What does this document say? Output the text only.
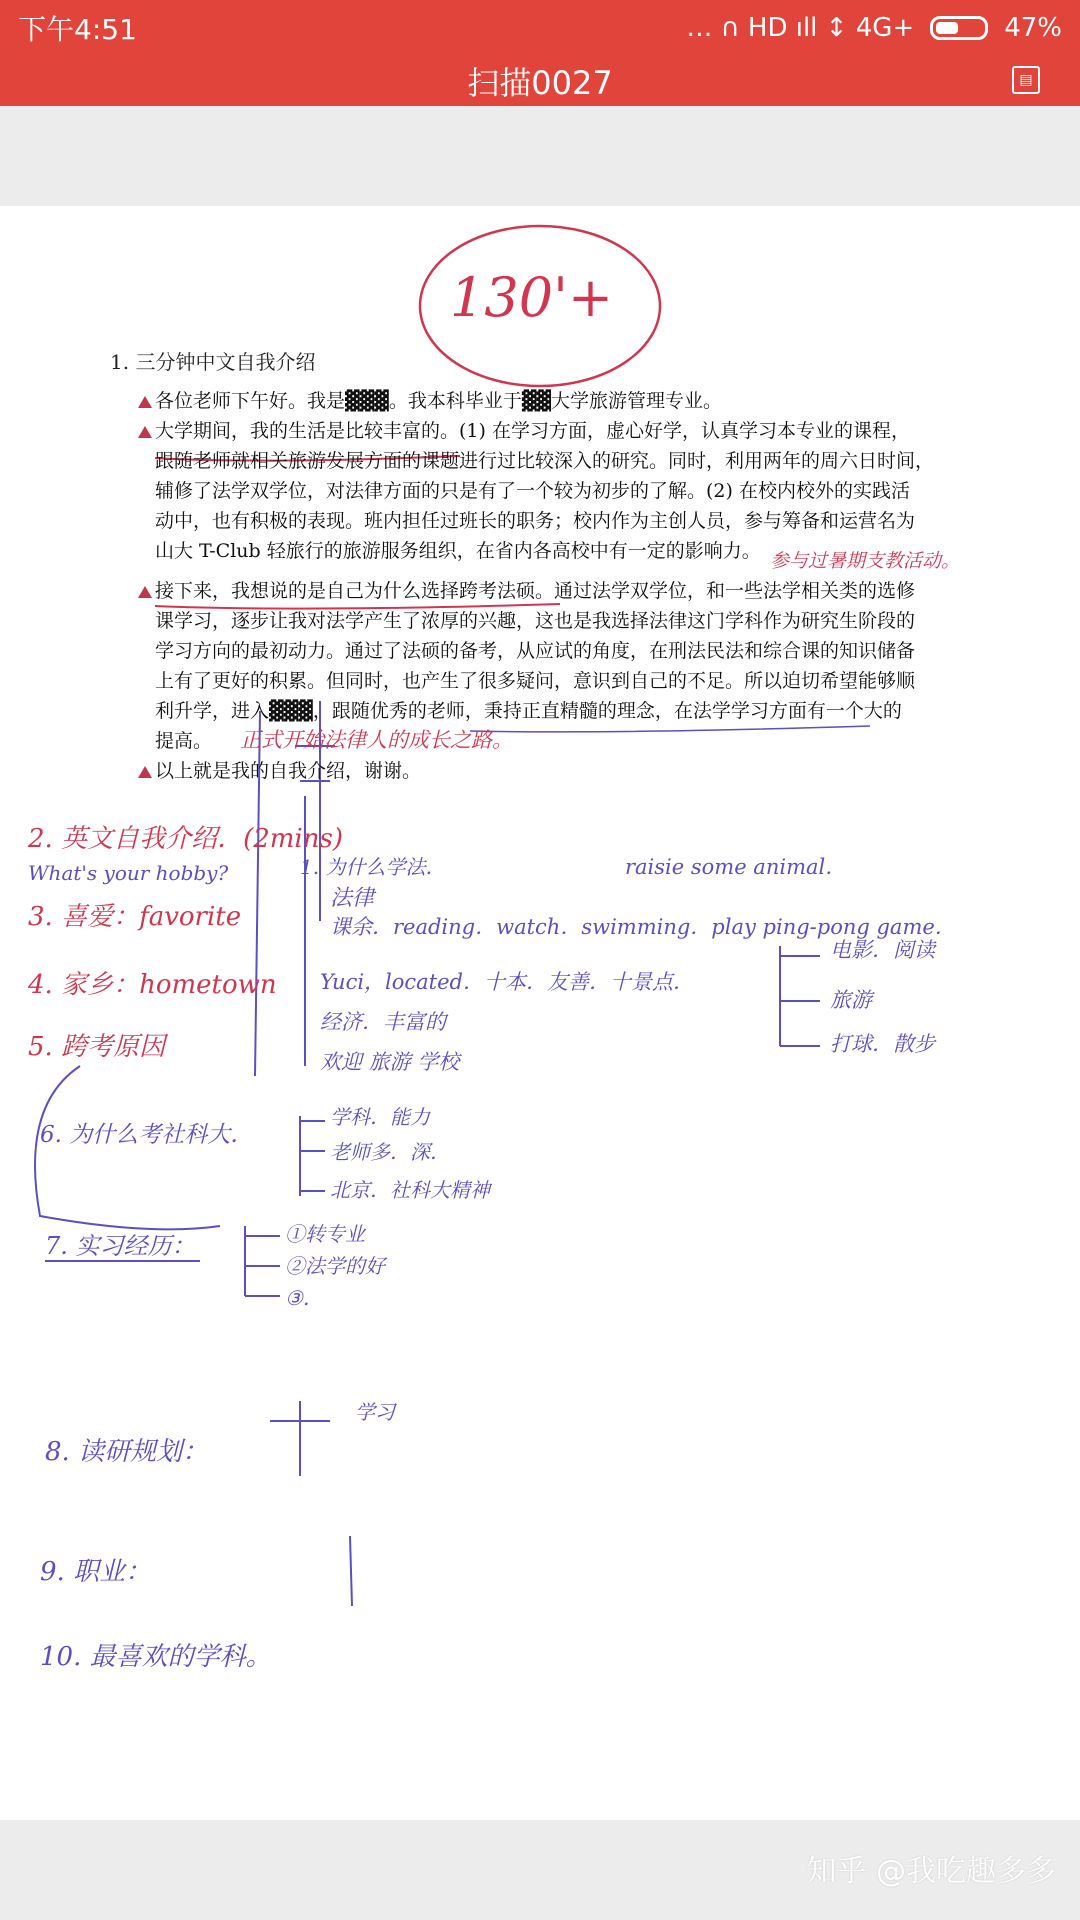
下午4:51	… ∩ HD ıll ↕ 4G+	47%
扫描0027	▤
130'+
1. 三分钟中文自我介绍
各位老师下午好。我是▓▓▓。我本科毕业于▓▓大学旅游管理专业。
大学期间，我的生活是比较丰富的。(1) 在学习方面，虚心好学，认真学习本专业的课程，
跟随老师就相关旅游发展方面的课题进行过比较深入的研究。同时，利用两年的周六日时间，
辅修了法学双学位，对法律方面的只是有了一个较为初步的了解。(2) 在校内校外的实践活
动中，也有积极的表现。班内担任过班长的职务；校内作为主创人员，参与筹备和运营名为
山大 T-Club 轻旅行的旅游服务组织，在省内各高校中有一定的影响力。
接下来，我想说的是自己为什么选择跨考法硕。通过法学双学位，和一些法学相关类的选修
课学习，逐步让我对法学产生了浓厚的兴趣，这也是我选择法律这门学科作为研究生阶段的
学习方向的最初动力。通过了法硕的备考，从应试的角度，在刑法民法和综合课的知识储备
上有了更好的积累。但同时，也产生了很多疑问，意识到自己的不足。所以迫切希望能够顺
利升学，进入▓▓▓，跟随优秀的老师，秉持正直精髓的理念，在法学学习方面有一个大的
提高。
以上就是我的自我介绍，谢谢。
参与过暑期支教活动。
正式开始法律人的成长之路。
2. 英文自我介绍．(2mins)
3. 喜爱：favorite
4. 家乡：hometown
5. 跨考原因
What's your hobby?	1. 为什么学法．
法律
课余．reading．watch．swimming．play ping-pong game．
raisie some animal．
Yuci，located．十本．友善．十景点．
经济．丰富的
欢迎 旅游 学校
电影．阅读
旅游
打球．散步
6. 为什么考社科大．
学科．能力
老师多．深．
北京．社科大精神
①转专业
②法学的好
③．
7. 实习经历：
8. 读研规划：
学习
9. 职业：
10. 最喜欢的学科。
知乎 @我吃趣多多
